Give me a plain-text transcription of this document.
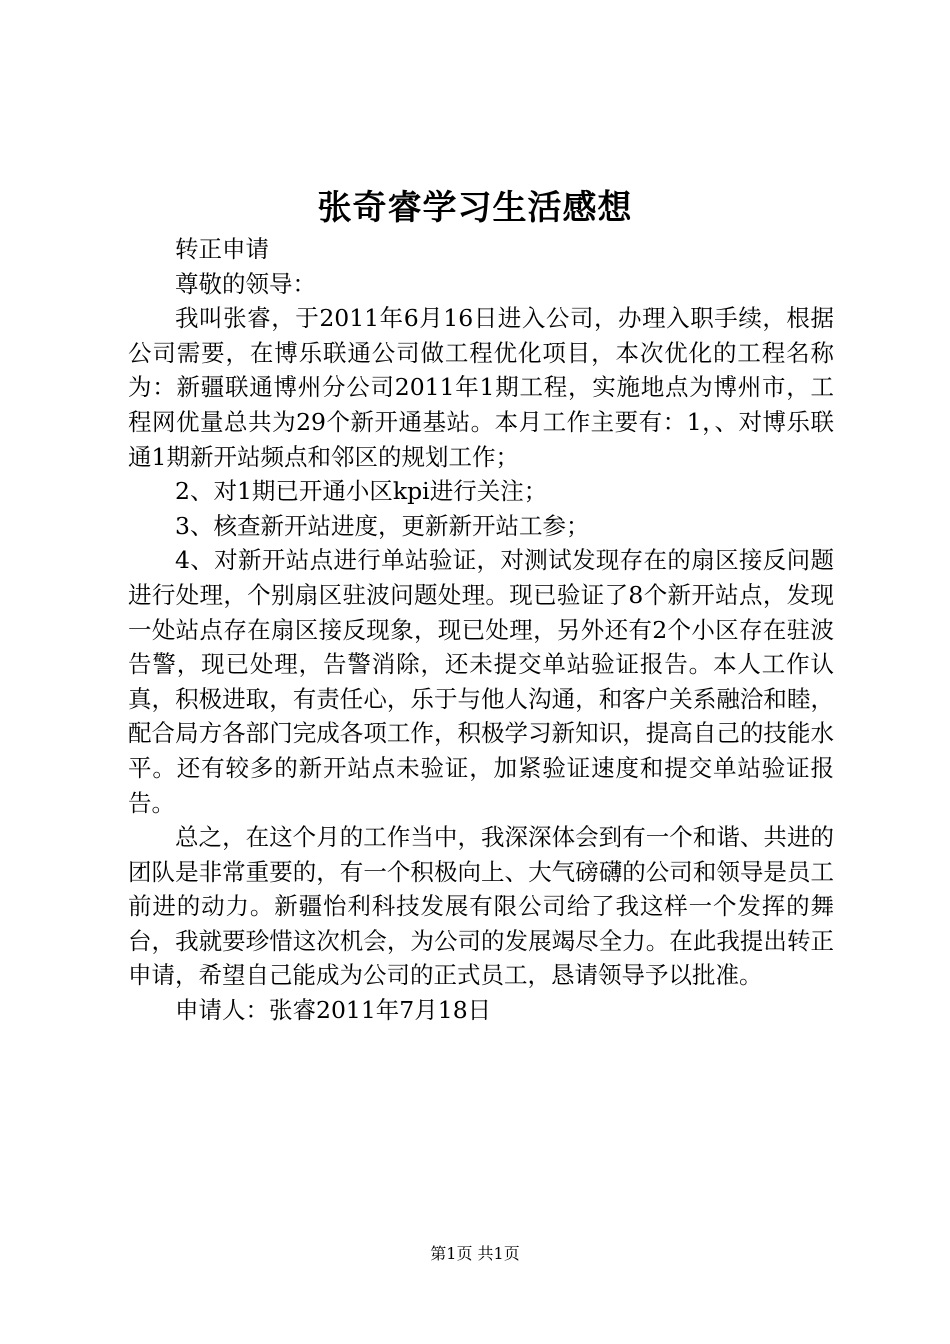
张奇睿学习生活感想

转正申请

尊敬的领导：

我叫张睿，于2011年6月16日进入公司，办理入职手续，根据公司需要，在博乐联通公司做工程优化项目，本次优化的工程名称为：新疆联通博州分公司2011年1期工程，实施地点为博州市，工程网优量总共为29个新开通基站。本月工作主要有：1，、对博乐联通1期新开站频点和邻区的规划工作；

2、对1期已开通小区kpi进行关注；

3、核查新开站进度，更新新开站工参；

4、对新开站点进行单站验证，对测试发现存在的扇区接反问题进行处理，个别扇区驻波问题处理。现已验证了8个新开站点，发现一处站点存在扇区接反现象，现已处理，另外还有2个小区存在驻波告警，现已处理，告警消除，还未提交单站验证报告。本人工作认真，积极进取，有责任心，乐于与他人沟通，和客户关系融洽和睦，配合局方各部门完成各项工作，积极学习新知识，提高自己的技能水平。还有较多的新开站点未验证，加紧验证速度和提交单站验证报告。

总之，在这个月的工作当中，我深深体会到有一个和谐、共进的团队是非常重要的，有一个积极向上、大气磅礴的公司和领导是员工前进的动力。新疆怡利科技发展有限公司给了我这样一个发挥的舞台，我就要珍惜这次机会，为公司的发展竭尽全力。在此我提出转正申请，希望自己能成为公司的正式员工，恳请领导予以批准。

申请人：张睿2011年7月18日

第1页 共1页
